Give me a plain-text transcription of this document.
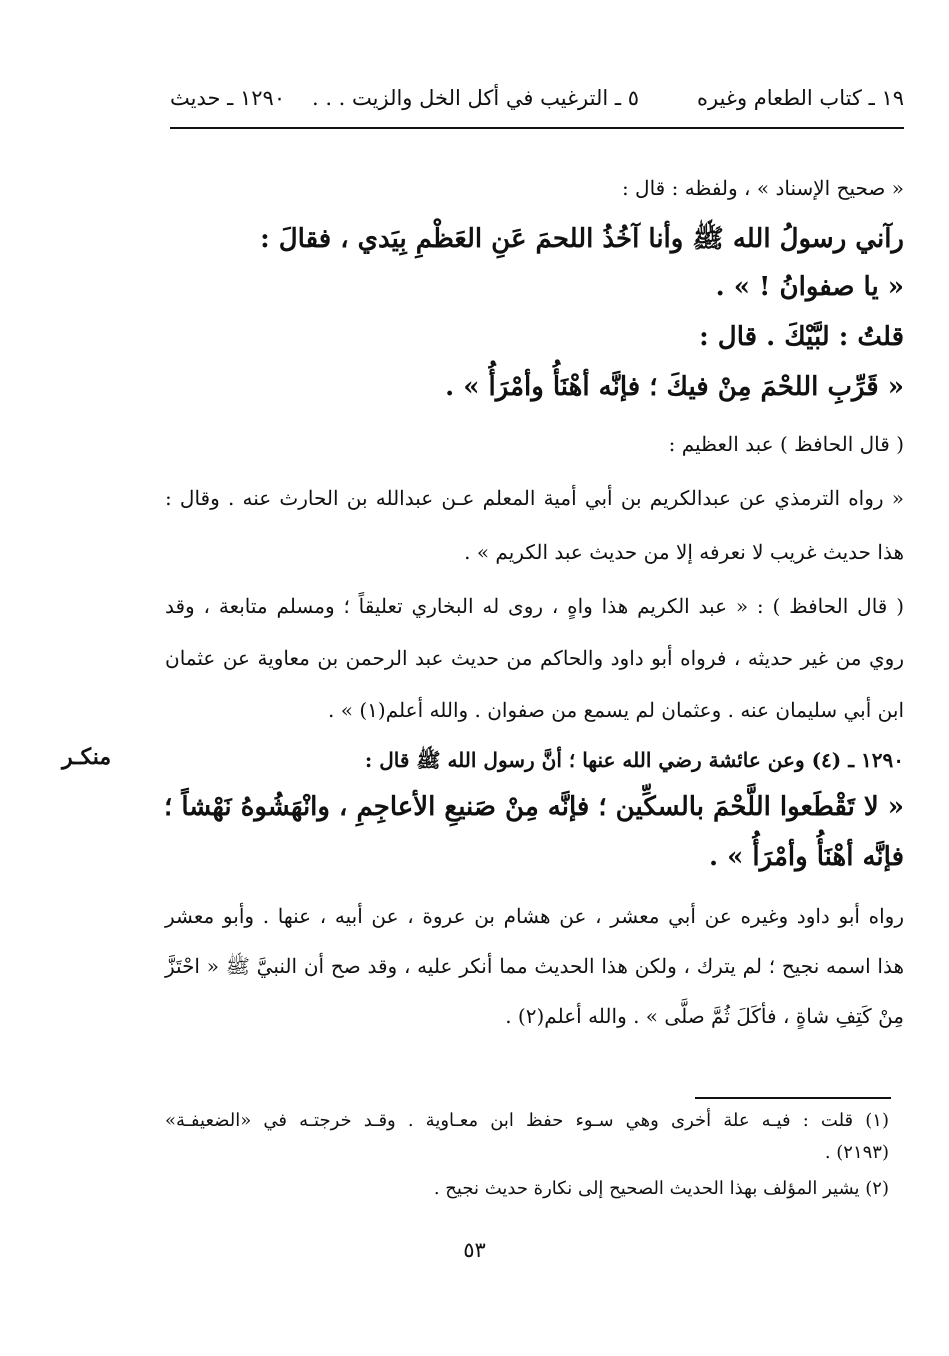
١٩ ـ كتاب الطعام وغيره
٥ ـ الترغيب في أكل الخل والزيت . . .
١٢٩٠ ـ حديث
« صحيح الإسناد » ، ولفظه : قال :
رآني رسولُ الله ﷺ وأنا آخُذُ اللحمَ عَنِ العَظْمِ بِيَدي ، فقالَ :
« يا صفوانُ ! » .
قلتُ : لبَّيْكَ . قال :
« قَرِّبِ اللحْمَ مِنْ فيكَ ؛ فإنَّه أهْنَأُ وأمْرَأُ » .
( قال الحافظ ) عبد العظيم :
« رواه الترمذي عن عبدالكريم بن أبي أمية المعلم عـن عبدالله بن الحارث عنه . وقال :
هذا حديث غريب لا نعرفه إلا من حديث عبد الكريم » .
( قال الحافظ ) : « عبد الكريم هذا واهٍ ، روى له البخاري تعليقاً ؛ ومسلم متابعة ، وقد
روي من غير حديثه ، فرواه أبو داود والحاكم من حديث عبد الرحمن بن معاوية عن عثمان
ابن أبي سليمان عنه . وعثمان لم يسمع من صفوان . والله أعلم(١) » .
١٢٩٠ ـ (٤) وعن عائشة رضي الله عنها ؛ أنَّ رسول الله ﷺ قال :
« لا تَقْطَعوا اللَّحْمَ بالسكِّين ؛ فإنَّه مِنْ صَنيعِ الأعاجِمِ ، وانْهَشُوهُ نَهْشاً ؛
فإنَّه أهْنَأُ وأمْرَأُ » .
رواه أبو داود وغيره عن أبي معشر ، عن هشام بن عروة ، عن أبيه ، عنها . وأبو معشر
هذا اسمه نجيح ؛ لم يترك ، ولكن هذا الحديث مما أنكر عليه ، وقد صح أن النبيَّ ﷺ « احْتَزَّ
مِنْ كَتِفِ شاةٍ ، فأكَلَ ثُمَّ صلَّى » . والله أعلم(٢) .
منكـر
(١) قلت : فيـه علة أخرى وهي سـوء حفظ ابن معـاوية . وقـد خرجتـه في «الضعيفـة»
(٢١٩٣) .
(٢) يشير المؤلف بهذا الحديث الصحيح إلى نكارة حديث نجيح .
٥٣
